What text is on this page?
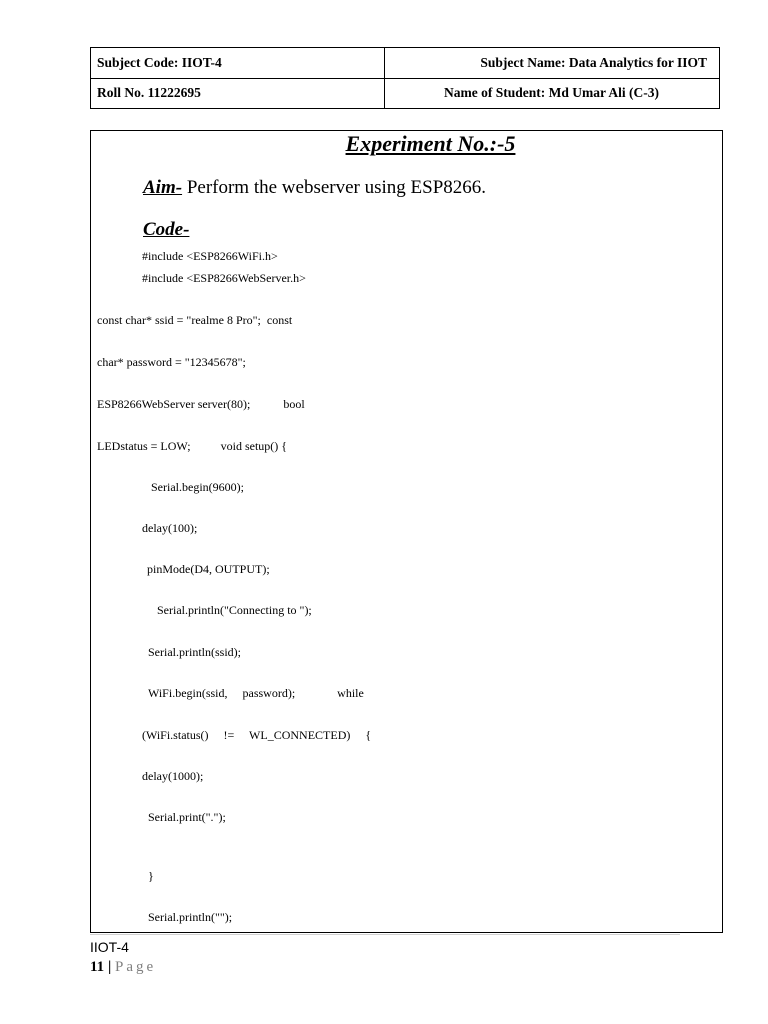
Subject Code: IIOT-4	Subject Name: Data Analytics for IIOT
Roll No. 11222695	Name of Student: Md Umar Ali (C-3)
Experiment No.:-5
Aim- Perform the webserver using ESP8266.
Code-
#include <ESP8266WiFi.h>
#include <ESP8266WebServer.h>
const char* ssid = "realme 8 Pro";  const
char* password = "12345678";
ESP8266WebServer server(80);           bool
LEDstatus = LOW;          void setup() {
Serial.begin(9600);
delay(100);
pinMode(D4, OUTPUT);
Serial.println("Connecting to ");
Serial.println(ssid);
WiFi.begin(ssid,     password);              while
(WiFi.status()     !=     WL_CONNECTED)     {
delay(1000);
Serial.print(".");
}
Serial.println("");
IIOT-4
11 | Page
